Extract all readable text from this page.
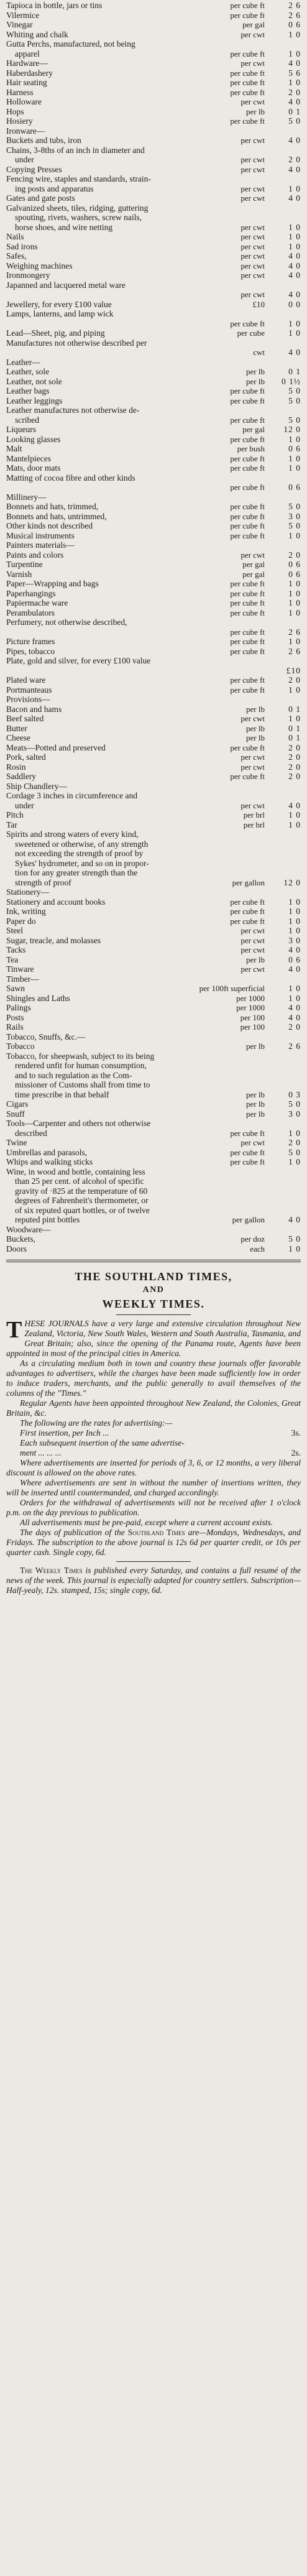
Tapioca in bottle, jars or tins	per cube ft	2 6
Vilermice	per cube ft	2 6
Vinegar	per gal	0 6
Whiting and chalk	per cwt	1 0
Gutta Perchs, manufactured, not being
apparel	per cube ft	1 0
Hardware—	per cwt	4 0
Haberdashery	per cube ft	5 6
Hair seating	per cube ft	1 0
Harness	per cube ft	2 0
Holloware	per cwt	4 0
Hops	per lb	0 1
Hosiery	per cube ft	5 0
Ironware—
Buckets and tubs, iron	per cwt	4 0
Chains, 3-8ths of an inch in diameter and
under	per cwt	2 0
Copying Presses	per cwt	4 0
Fencing wire, staples and standards, strain-
ing posts and apparatus	per cwt	1 0
Gates and gate posts	per cwt	4 0
Galvanized sheets, tiles, ridging, guttering
spouting, rivets, washers, screw nails,
horse shoes, and wire netting	per cwt	1 0
Nails	per cwt	1 0
Sad irons	per cwt	1 0
Safes,	per cwt	4 0
Weighing machines	per cwt	4 0
Ironmongery	per cwt	4 0
Japanned and lacquered metal ware
per cwt	4 0
Jewellery, for every £100 value	£10	0 0
Lamps, lanterns, and lamp wick
per cube ft	1 0
Lead—Sheet, pig, and piping	per cube	1 0
Manufactures not otherwise described per
cwt	4 0
Leather—
Leather, sole	per lb	0 1
Leather, not sole	per lb	0 1½
Leather bags	per cube ft	5 0
Leather leggings	per cube ft	5 0
Leather manufactures not otherwise de-
scribed	per cube ft	5 0
Liqueurs	per gal	12 0
Looking glasses	per cube ft	1 0
Malt	per bush	0 6
Mantelpieces	per cube ft	1 0
Mats, door mats	per cube ft	1 0
Matting of cocoa fibre and other kinds
per cube ft	0 6
Millinery—
Bonnets and hats, trimmed,	per cube ft	5 0
Bonnets and hats, untrimmed,	per cube ft	3 0
Other kinds not described	per cube ft	5 0
Musical instruments	per cube ft	1 0
Painters materials—
Paints and colors	per cwt	2 0
Turpentine	per gal	0 6
Varnish	per gal	0 6
Paper—Wrapping and bags	per cube ft	1 0
Paperhangings	per cube ft	1 0
Papiermache ware	per cube ft	1 0
Perambulators	per cube ft	1 0
Perfumery, not otherwise described,
per cube ft	2 6
Picture frames	per cube ft	1 0
Pipes, tobacco	per cube ft	2 6
Plate, gold and silver, for every £100 value
£10
Plated ware	per cube ft	2 0
Portmanteaus	per cube ft	1 0
Provisions—
Bacon and hams	per lb	0 1
Beef salted	per cwt	1 0
Butter	per lb	0 1
Cheese	per lb	0 1
Meats—Potted and preserved	per cube ft	2 0
Pork, salted	per cwt	2 0
Rosin	per cwt	2 0
Saddlery	per cube ft	2 0
Ship Chandlery—
Cordage 3 inches in circumference and
under	per cwt	4 0
Pitch	per brl	1 0
Tar	per brl	1 0
Spirits and strong waters of every kind,
sweetened or otherwise, of any strength
not exceeding the strength of proof by
Sykes' hydrometer, and so on in propor-
tion for any greater strength than the
strength of proof	per gallon	12 0
Stationery—
Stationery and account books	per cube ft	1 0
Ink, writing	per cube ft	1 0
Paper do	per cube ft	1 0
Steel	per cwt	1 0
Sugar, treacle, and molasses	per cwt	3 0
Tacks	per cwt	4 0
Tea	per lb	0 6
Tinware	per cwt	4 0
Timber—
Sawn	per 100ft superficial	1 0
Shingles and Laths	per 1000	1 0
Palings	per 1000	4 0
Posts	per 100	4 0
Rails	per 100	2 0
Tobacco, Snuffs, &c.—
Tobacco	per lb	2 6
Tobacco, for sheepwash, subject to its being
rendered unfit for human consumption,
and to such regulation as the Com-
missioner of Customs shall from time to
time prescribe in that behalf	per lb	0 3
Cigars	per lb	5 0
Snuff	per lb	3 0
Tools—Carpenter and others not otherwise
described	per cube ft	1 0
Twine	per cwt	2 0
Umbrellas and parasols,	per cube ft	5 0
Whips and walking sticks	per cube ft	1 0
Wine, in wood and bottle, containing less
than 25 per cent. of alcohol of specific
gravity of ·825 at the temperature of 60
degrees of Fahrenheit's thermometer, or
of six reputed quart bottles, or of twelve
reputed pint bottles	per gallon	4 0
Woodware—
Buckets,	per doz	5 0
Doors	each	1 0
THE SOUTHLAND TIMES,
AND
WEEKLY TIMES.

THESE JOURNALS have a very large and extensive circulation throughout New Zealand, Victoria, New South Wales, Western and South Australia, Tasmania, and Great Britain; also, since the opening of the Panama route, Agents have been appointed in most of the principal cities in America.

As a circulating medium both in town and country these journals offer favorable advantages to advertisers, while the charges have been made sufficiently low in order to induce traders, merchants, and the public generally to avail themselves of the columns of the "Times."

Regular Agents have been appointed throughout New Zealand, the Colonies, Great Britain, &c.

The following are the rates for advertising:—

First insertion, per Inch ...	3s.
Each subsequent insertion of the same advertise-
ment ... ... ...	2s.

Where advertisements are inserted for periods of 3, 6, or 12 months, a very liberal discount is allowed on the above rates.

Where advertisements are sent in without the number of insertions written, they will be inserted until countermanded, and charged accordingly.

Orders for the withdrawal of advertisements will not be received after 1 o'clock p.m. on the day previous to publication.

All advertisements must be pre-paid, except where a current account exists.

The days of publication of the Southland Times are—Mondays, Wednesdays, and Fridays. The subscription to the above journal is 12s 6d per quarter credit, or 10s per quarter cash. Single copy, 6d.

The Weekly Times is published every Saturday, and contains a full resumé of the news of the week. This journal is especially adapted for country settlers. Subscription—Half-yealy, 12s. stamped, 15s; single copy, 6d.
